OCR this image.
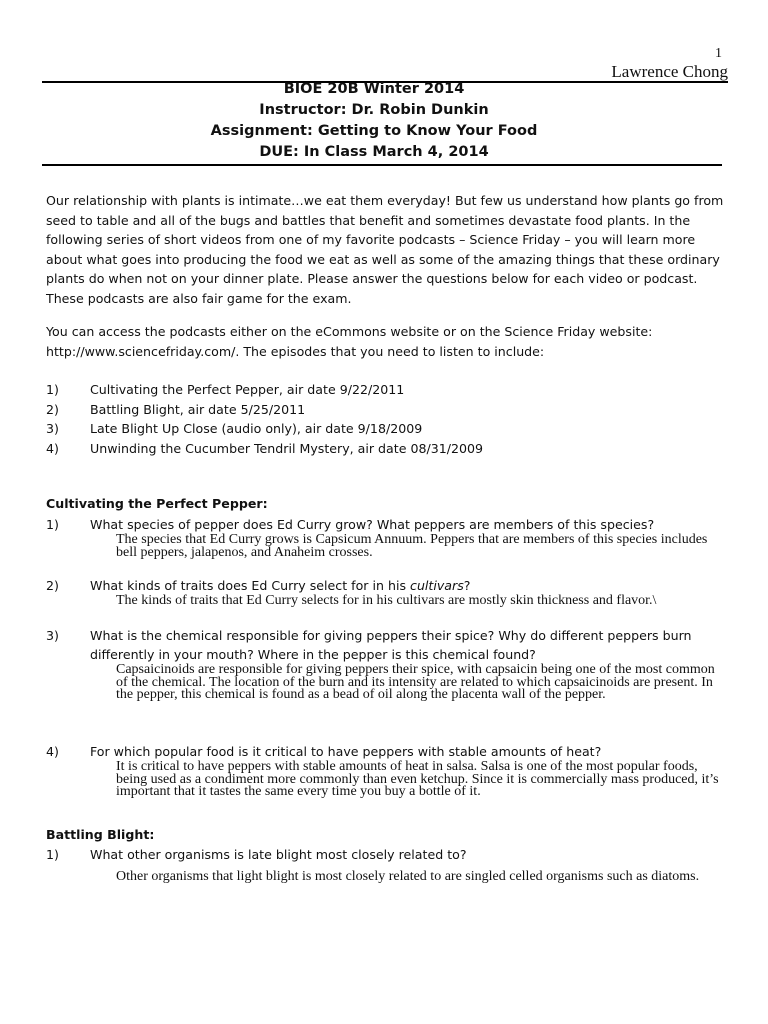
1
Lawrence Chong
BIOE 20B Winter 2014
Instructor: Dr. Robin Dunkin
Assignment: Getting to Know Your Food
DUE: In Class March 4, 2014
Our relationship with plants is intimate…we eat them everyday! But few us understand how plants go from seed to table and all of the bugs and battles that benefit and sometimes devastate food plants. In the following series of short videos from one of my favorite podcasts – Science Friday – you will learn more about what goes into producing the food we eat as well as some of the amazing things that these ordinary plants do when not on your dinner plate. Please answer the questions below for each video or podcast. These podcasts are also fair game for the exam.
You can access the podcasts either on the eCommons website or on the Science Friday website: http://www.sciencefriday.com/. The episodes that you need to listen to include:
1)	Cultivating the Perfect Pepper, air date 9/22/2011
2)	Battling Blight, air date 5/25/2011
3)	Late Blight Up Close (audio only), air date 9/18/2009
4)	Unwinding the Cucumber Tendril Mystery, air date 08/31/2009
Cultivating the Perfect Pepper:
1)	What species of pepper does Ed Curry grow? What peppers are members of this species?
The species that Ed Curry grows is Capsicum Annuum. Peppers that are members of this species includes bell peppers, jalapenos, and Anaheim crosses.
2)	What kinds of traits does Ed Curry select for in his cultivars?
The kinds of traits that Ed Curry selects for in his cultivars are mostly skin thickness and flavor.\
3)	What is the chemical responsible for giving peppers their spice? Why do different peppers burn differently in your mouth? Where in the pepper is this chemical found?
Capsaicinoids are responsible for giving peppers their spice, with capsaicin being one of the most common of the chemical. The location of the burn and its intensity are related to which capsaicinoids are present. In the pepper, this chemical is found as a bead of oil along the placenta wall of the pepper.
4)	For which popular food is it critical to have peppers with stable amounts of heat?
It is critical to have peppers with stable amounts of heat in salsa. Salsa is one of the most popular foods, being used as a condiment more commonly than even ketchup. Since it is commercially mass produced, it’s important that it tastes the same every time you buy a bottle of it.
Battling Blight:
1)	What other organisms is late blight most closely related to?
Other organisms that light blight is most closely related to are singled celled organisms such as diatoms.
